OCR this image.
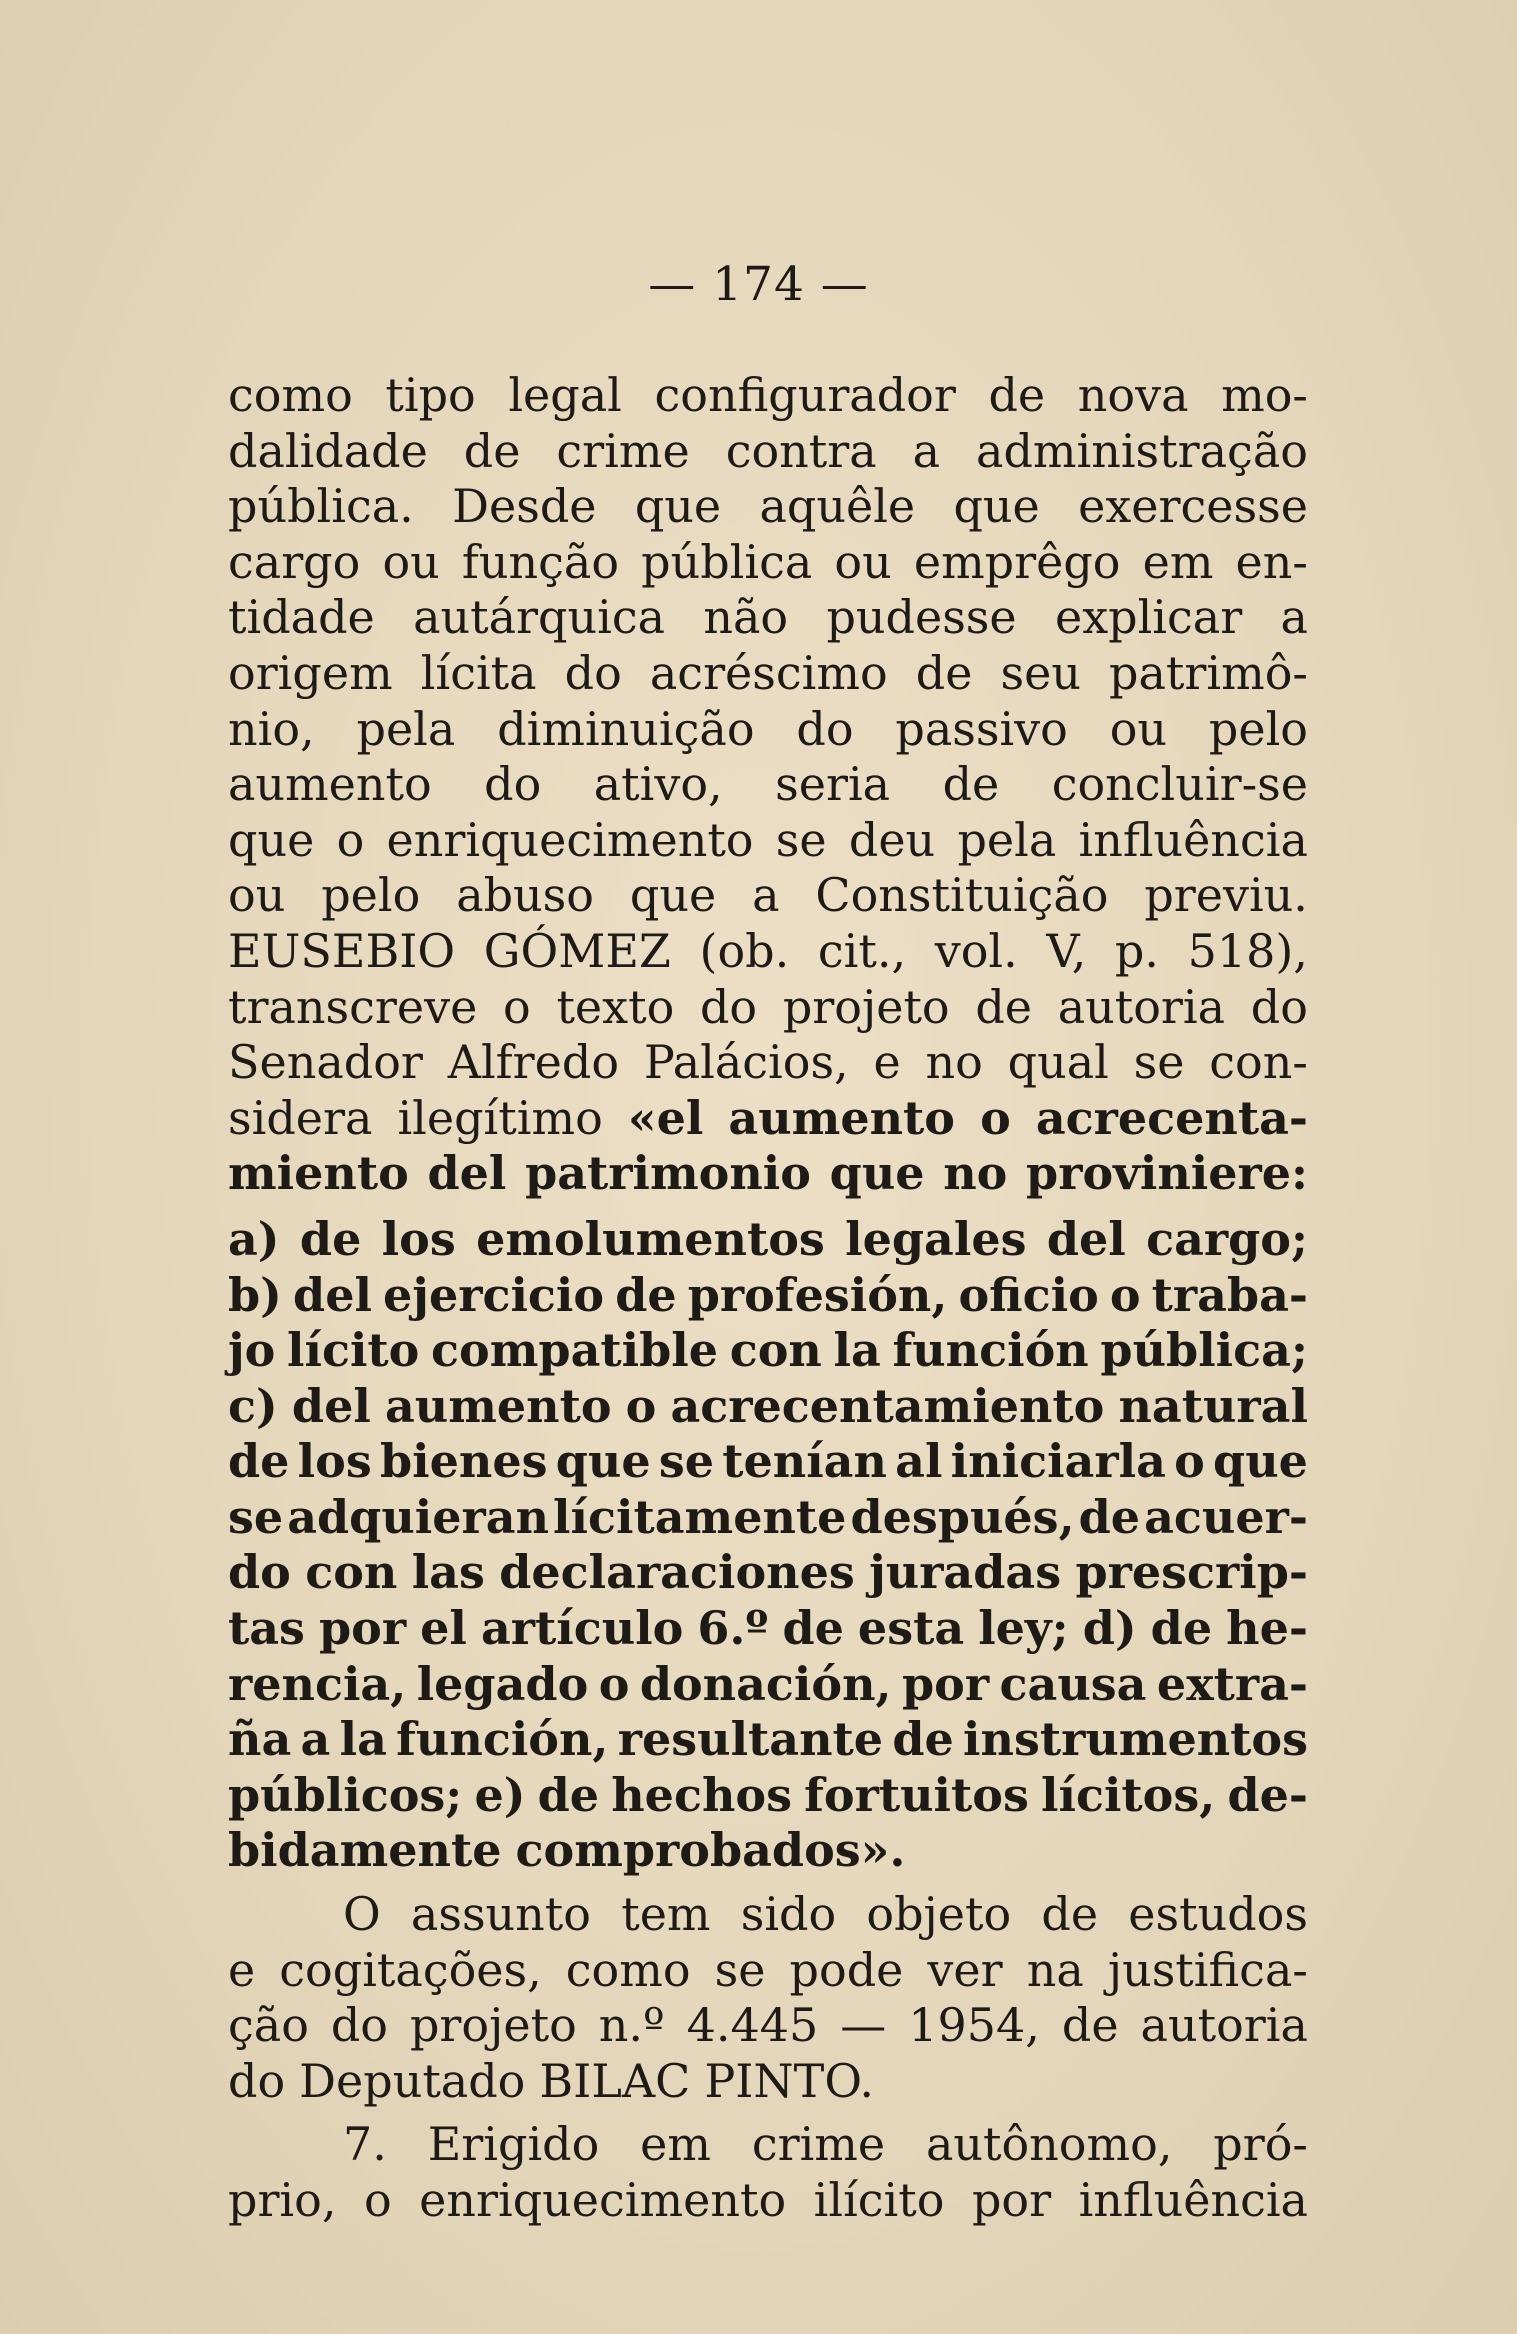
— 174 —
como tipo legal configurador de nova mo-
dalidade de crime contra a administração
pública. Desde que aquêle que exercesse
cargo ou função pública ou emprêgo em en-
tidade autárquica não pudesse explicar a
origem lícita do acréscimo de seu patrimô-
nio, pela diminuição do passivo ou pelo
aumento do ativo, seria de concluir-se
que o enriquecimento se deu pela influência
ou pelo abuso que a Constituição previu.
EUSEBIO GÓMEZ (ob. cit., vol. V, p. 518),
transcreve o texto do projeto de autoria do
Senador Alfredo Palácios, e no qual se con-
sidera ilegítimo «el aumento o acrecenta-
miento del patrimonio que no proviniere:
a) de los emolumentos legales del cargo;
b) del ejercicio de profesión, oficio o traba-
jo lícito compatible con la función pública;
c) del aumento o acrecentamiento natural
de los bienes que se tenían al iniciarla o que
se adquieran lícitamente después, de acuer-
do con las declaraciones juradas prescrip-
tas por el artículo 6.º de esta ley; d) de he-
rencia, legado o donación, por causa extra-
ña a la función, resultante de instrumentos
públicos; e) de hechos fortuitos lícitos, de-
bidamente comprobados».
O assunto tem sido objeto de estudos
e cogitações, como se pode ver na justifica-
ção do projeto n.º 4.445 — 1954, de autoria
do Deputado BILAC PINTO.
7. Erigido em crime autônomo, pró-
prio, o enriquecimento ilícito por influência
